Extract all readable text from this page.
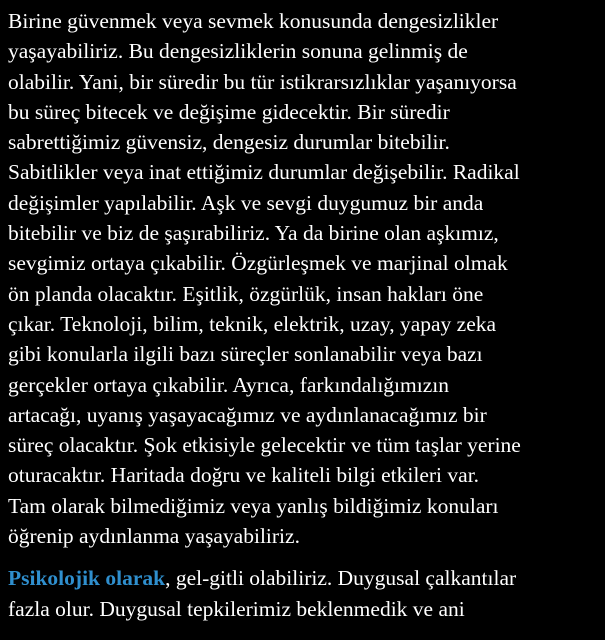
Birine güvenmek veya sevmek konusunda dengesizlikler
yaşayabiliriz. Bu dengesizliklerin sonuna gelinmiş de
olabilir. Yani, bir süredir bu tür istikrarsızlıklar yaşanıyorsa
bu süreç bitecek ve değişime gidecektir. Bir süredir
sabrettiğimiz güvensiz, dengesiz durumlar bitebilir.
Sabitlikler veya inat ettiğimiz durumlar değişebilir. Radikal
değişimler yapılabilir. Aşk ve sevgi duygumuz bir anda
bitebilir ve biz de şaşırabiliriz. Ya da birine olan aşkımız,
sevgimiz ortaya çıkabilir. Özgürleşmek ve marjinal olmak
ön planda olacaktır. Eşitlik, özgürlük, insan hakları öne
çıkar. Teknoloji, bilim, teknik, elektrik, uzay, yapay zeka
gibi konularla ilgili bazı süreçler sonlanabilir veya bazı
gerçekler ortaya çıkabilir. Ayrıca, farkındalığımızın
artacağı, uyanış yaşayacağımız ve aydınlanacağımız bir
süreç olacaktır. Şok etkisiyle gelecektir ve tüm taşlar yerine
oturacaktır. Haritada doğru ve kaliteli bilgi etkileri var.
Tam olarak bilmediğimiz veya yanlış bildiğimiz konuları
öğrenip aydınlanma yaşayabiliriz.

Psikolojik olarak, gel-gitli olabiliriz. Duygusal çalkantılar
fazla olur. Duygusal tepkilerimiz beklenmedik ve ani
